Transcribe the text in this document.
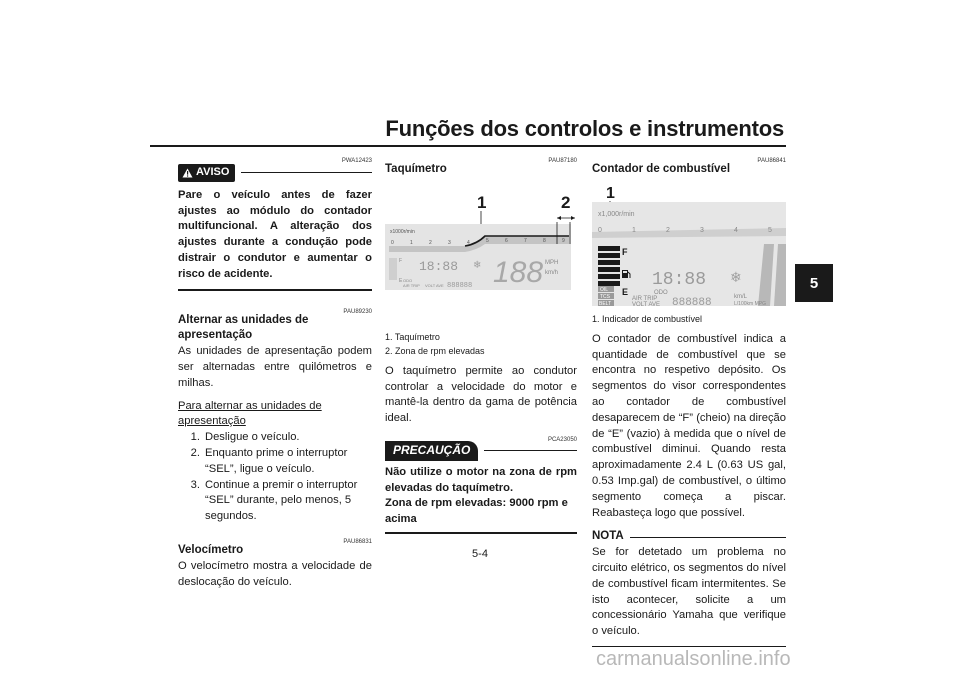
Funções dos controlos e instrumentos
5
PWA12423
AVISO

Pare o veículo antes de fazer ajustes ao módulo do contador multifuncional. A alteração dos ajustes durante a condução pode distrair o condutor e aumentar o risco de acidente.

PAU89230
Alternar as unidades de apresentação

As unidades de apresentação podem ser alternadas entre quilómetros e milhas.

Para alternar as unidades de apresentação

1. Desligue o veículo.
2. Enquanto prime o interruptor “SEL”, ligue o veículo.
3. Continue a premir o interruptor “SEL” durante, pelo menos, 5 segundos.
PAU86831
Velocímetro

O velocímetro mostra a velocidade de deslocação do veículo.

PAU87180
Taquímetro
1	2
x1000r/min
0	1	2	3	4	5	6	7	8	9
F
E
18:88 ❄ 188 MPH
km/h
ODO
AIR TRIP VOLT AVE 888888
1. Taquímetro
2. Zona de rpm elevadas

O taquímetro permite ao condutor controlar a velocidade do motor e mantê-la dentro da gama de potência ideal.

PCA23050
PRECAUÇÃO

Não utilize o motor na zona de rpm elevadas do taquímetro.

Zona de rpm elevadas: 9000 rpm e acima

PAU86841
Contador de combustível
1
x1,000r/min
0	1	2	3	4	5
F
E
18:88 ❄
OIL
TCS
BELT
ODO
AIR TRIP
VOLT AVE 888888	km/L
L/100km MPG
1. Indicador de combustível

O contador de combustível indica a quantidade de combustível que se encontra no respetivo depósito. Os segmentos do visor correspondentes ao contador de combustível desaparecem de “F” (cheio) na direção de “E” (vazio) à medida que o nível de combustível diminui. Quando resta aproximadamente 2.4 L (0.63 US gal, 0.53 Imp.gal) de combustível, o último segmento começa a piscar. Reabasteça logo que possível.

NOTA

Se for detetado um problema no circuito elétrico, os segmentos do nível de combustível ficam intermitentes. Se isto acontecer, solicite a um concessionário Yamaha que verifique o veículo.

5-4
carmanualsonline.info
